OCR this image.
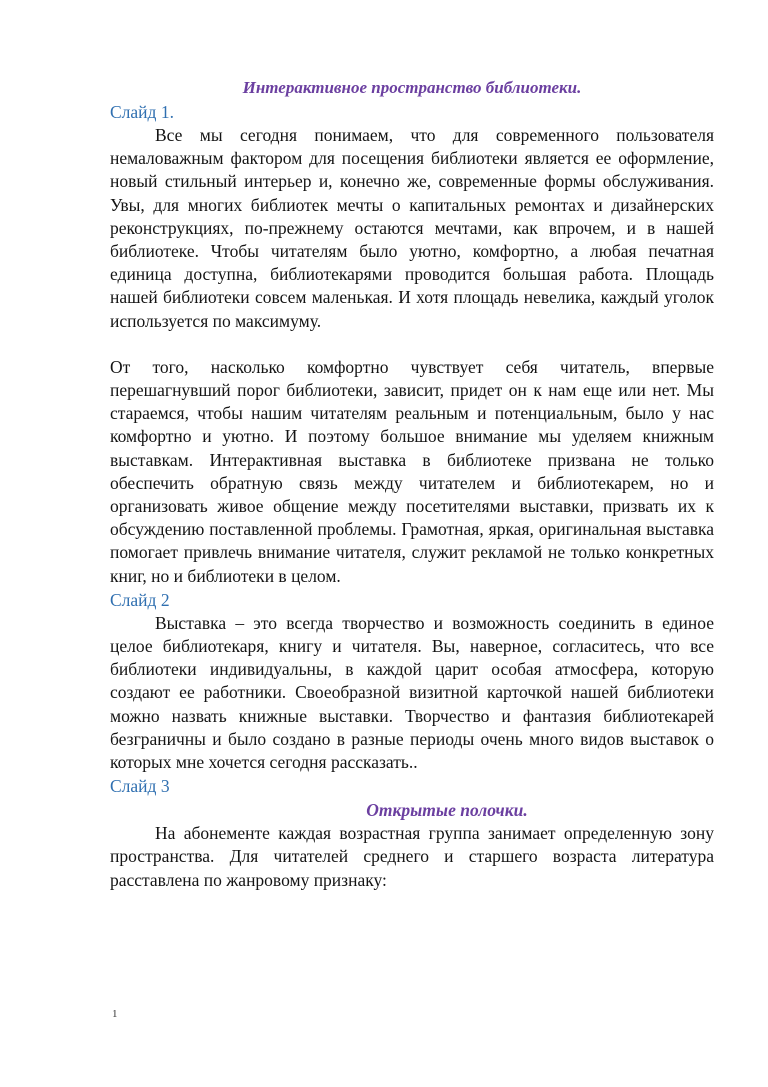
Интерактивное пространство библиотеки.

Слайд 1.

Все мы сегодня понимаем, что для современного пользователя немаловажным фактором для посещения библиотеки является ее оформление, новый стильный интерьер и, конечно же, современные формы обслуживания. Увы, для многих библиотек мечты о капитальных ремонтах и дизайнерских реконструкциях, по-прежнему остаются мечтами, как впрочем, и в нашей библиотеке. Чтобы читателям было уютно, комфортно, а любая печатная единица доступна, библиотекарями проводится большая работа. Площадь нашей библиотеки совсем маленькая. И хотя площадь невелика, каждый уголок используется по максимуму.

От того, насколько комфортно чувствует себя читатель, впервые перешагнувший порог библиотеки, зависит, придет он к нам еще или нет. Мы стараемся, чтобы нашим читателям реальным и потенциальным, было у нас комфортно и уютно. И поэтому большое внимание мы уделяем книжным выставкам. Интерактивная выставка в библиотеке призвана не только обеспечить обратную связь между читателем и библиотекарем, но и организовать живое общение между посетителями выставки, призвать их к обсуждению поставленной проблемы. Грамотная, яркая, оригинальная выставка помогает привлечь внимание читателя, служит рекламой не только конкретных книг, но и библиотеки в целом.

Слайд 2

Выставка – это всегда творчество и возможность соединить в единое целое библиотекаря, книгу и читателя. Вы, наверное, согласитесь, что все библиотеки индивидуальны, в каждой царит особая атмосфера, которую создают ее работники. Своеобразной визитной карточкой нашей библиотеки можно назвать книжные выставки. Творчество и фантазия библиотекарей безграничны и было создано в разные периоды очень много видов выставок о которых мне хочется сегодня рассказать..

Слайд 3

Открытые полочки.

На абонементе каждая возрастная группа занимает определенную зону пространства. Для читателей среднего и старшего возраста литература расставлена по жанровому признаку:

1
